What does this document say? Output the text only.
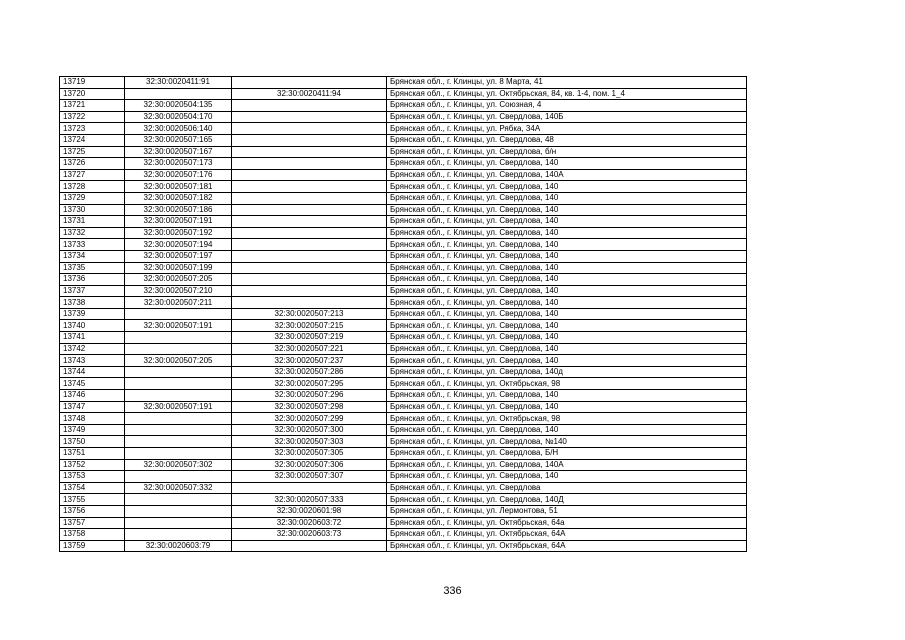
13719	32:30:0020411:91		Брянская обл., г. Клинцы, ул. 8 Марта, 41
13720		32:30:0020411:94	Брянская обл., г. Клинцы, ул. Октябрьская, 84, кв. 1-4, пом. 1_4
13721	32:30:0020504:135		Брянская обл., г. Клинцы, ул. Союзная, 4
13722	32:30:0020504:170		Брянская обл., г. Клинцы, ул. Свердлова, 140Б
13723	32:30:0020506:140		Брянская обл., г. Клинцы, ул. Рябка, 34А
13724	32:30:0020507:165		Брянская обл., г. Клинцы, ул. Свердлова, 48
13725	32:30:0020507:167		Брянская обл., г. Клинцы, ул. Свердлова, б/н
13726	32:30:0020507:173		Брянская обл., г. Клинцы, ул. Свердлова, 140
13727	32:30:0020507:176		Брянская обл., г. Клинцы, ул. Свердлова, 140А
13728	32:30:0020507:181		Брянская обл., г. Клинцы, ул. Свердлова, 140
13729	32:30:0020507:182		Брянская обл., г. Клинцы, ул. Свердлова, 140
13730	32:30:0020507:186		Брянская обл., г. Клинцы, ул. Свердлова, 140
13731	32:30:0020507:191		Брянская обл., г. Клинцы, ул. Свердлова, 140
13732	32:30:0020507:192		Брянская обл., г. Клинцы, ул. Свердлова, 140
13733	32:30:0020507:194		Брянская обл., г. Клинцы, ул. Свердлова, 140
13734	32:30:0020507:197		Брянская обл., г. Клинцы, ул. Свердлова, 140
13735	32:30:0020507:199		Брянская обл., г. Клинцы, ул. Свердлова, 140
13736	32:30:0020507:205		Брянская обл., г. Клинцы, ул. Свердлова, 140
13737	32:30:0020507:210		Брянская обл., г. Клинцы, ул. Свердлова, 140
13738	32:30:0020507:211		Брянская обл., г. Клинцы, ул. Свердлова, 140
13739		32:30:0020507:213	Брянская обл., г. Клинцы, ул. Свердлова, 140
13740	32:30:0020507:191	32:30:0020507:215	Брянская обл., г. Клинцы, ул. Свердлова, 140
13741		32:30:0020507:219	Брянская обл., г. Клинцы, ул. Свердлова, 140
13742		32:30:0020507:221	Брянская обл., г. Клинцы, ул. Свердлова, 140
13743	32:30:0020507:205	32:30:0020507:237	Брянская обл., г. Клинцы, ул. Свердлова, 140
13744		32:30:0020507:286	Брянская обл., г. Клинцы, ул. Свердлова, 140д
13745		32:30:0020507:295	Брянская обл., г. Клинцы, ул. Октябрьская, 98
13746		32:30:0020507:296	Брянская обл., г. Клинцы, ул. Свердлова, 140
13747	32:30:0020507:191	32:30:0020507:298	Брянская обл., г. Клинцы, ул. Свердлова, 140
13748		32:30:0020507:299	Брянская обл., г. Клинцы, ул. Октябрьская, 98
13749		32:30:0020507:300	Брянская обл., г. Клинцы, ул. Свердлова, 140
13750		32:30:0020507:303	Брянская обл., г. Клинцы, ул. Свердлова, №140
13751		32:30:0020507:305	Брянская обл., г. Клинцы, ул. Свердлова, Б/Н
13752	32:30:0020507:302	32:30:0020507:306	Брянская обл., г. Клинцы, ул. Свердлова, 140А
13753		32:30:0020507:307	Брянская обл., г. Клинцы, ул. Свердлова, 140
13754	32:30:0020507:332		Брянская обл., г. Клинцы, ул. Свердлова
13755		32:30:0020507:333	Брянская обл., г. Клинцы, ул. Свердлова, 140Д
13756		32:30:0020601:98	Брянская обл., г. Клинцы, ул. Лермонтова, 51
13757		32:30:0020603:72	Брянская обл., г. Клинцы, ул. Октябрьская, 64а
13758		32:30:0020603:73	Брянская обл., г. Клинцы, ул. Октябрьская, 64А
13759	32:30:0020603:79		Брянская обл., г. Клинцы, ул. Октябрьская, 64А
336
